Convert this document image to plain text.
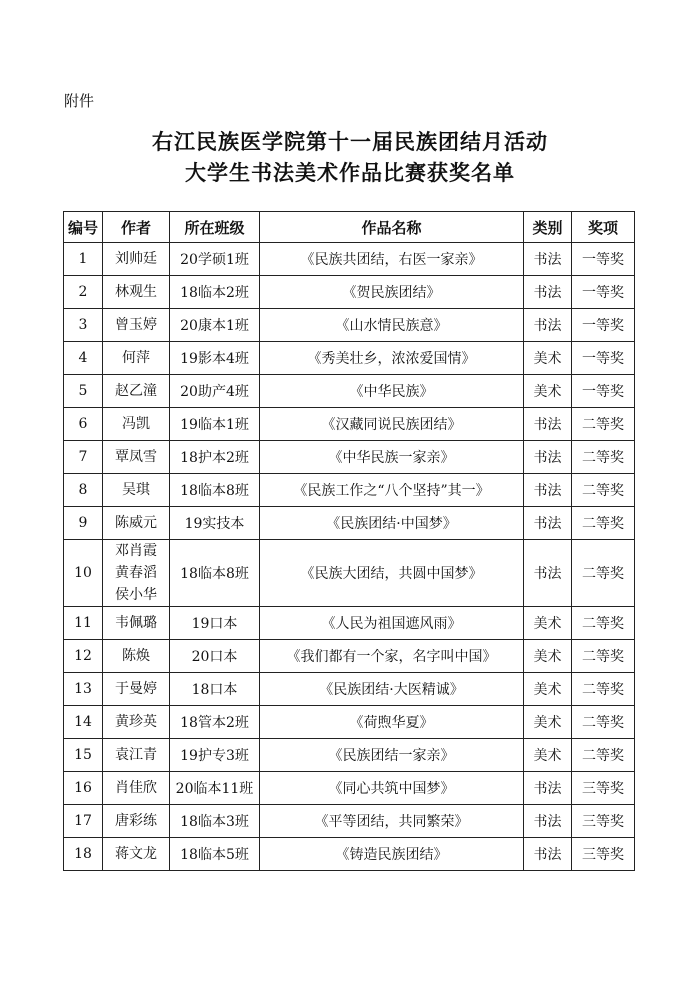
附件
右江民族医学院第十一届民族团结月活动
大学生书法美术作品比赛获奖名单
编号	作者	所在班级	作品名称	类别	奖项
1	刘帅廷	20学硕1班	《民族共团结，右医一家亲》	书法	一等奖
2	林观生	18临本2班	《贺民族团结》	书法	一等奖
3	曾玉婷	20康本1班	《山水情民族意》	书法	一等奖
4	何萍	19影本4班	《秀美壮乡，浓浓爱国情》	美术	一等奖
5	赵乙潼	20助产4班	《中华民族》	美术	一等奖
6	冯凯	19临本1班	《汉藏同说民族团结》	书法	二等奖
7	覃凤雪	18护本2班	《中华民族一家亲》	书法	二等奖
8	吴琪	18临本8班	《民族工作之“八个坚持”其一》	书法	二等奖
9	陈威元	19实技本	《民族团结·中国梦》	书法	二等奖
10	邓肖霞
黄春滔
侯小华	18临本8班	《民族大团结，共圆中国梦》	书法	二等奖
11	韦佩璐	19口本	《人民为祖国遮风雨》	美术	二等奖
12	陈焕	20口本	《我们都有一个家，名字叫中国》	美术	二等奖
13	于曼婷	18口本	《民族团结·大医精诚》	美术	二等奖
14	黄珍英	18管本2班	《荷煦华夏》	美术	二等奖
15	袁江青	19护专3班	《民族团结一家亲》	美术	二等奖
16	肖佳欣	20临本11班	《同心共筑中国梦》	书法	三等奖
17	唐彩练	18临本3班	《平等团结，共同繁荣》	书法	三等奖
18	蒋文龙	18临本5班	《铸造民族团结》	书法	三等奖
